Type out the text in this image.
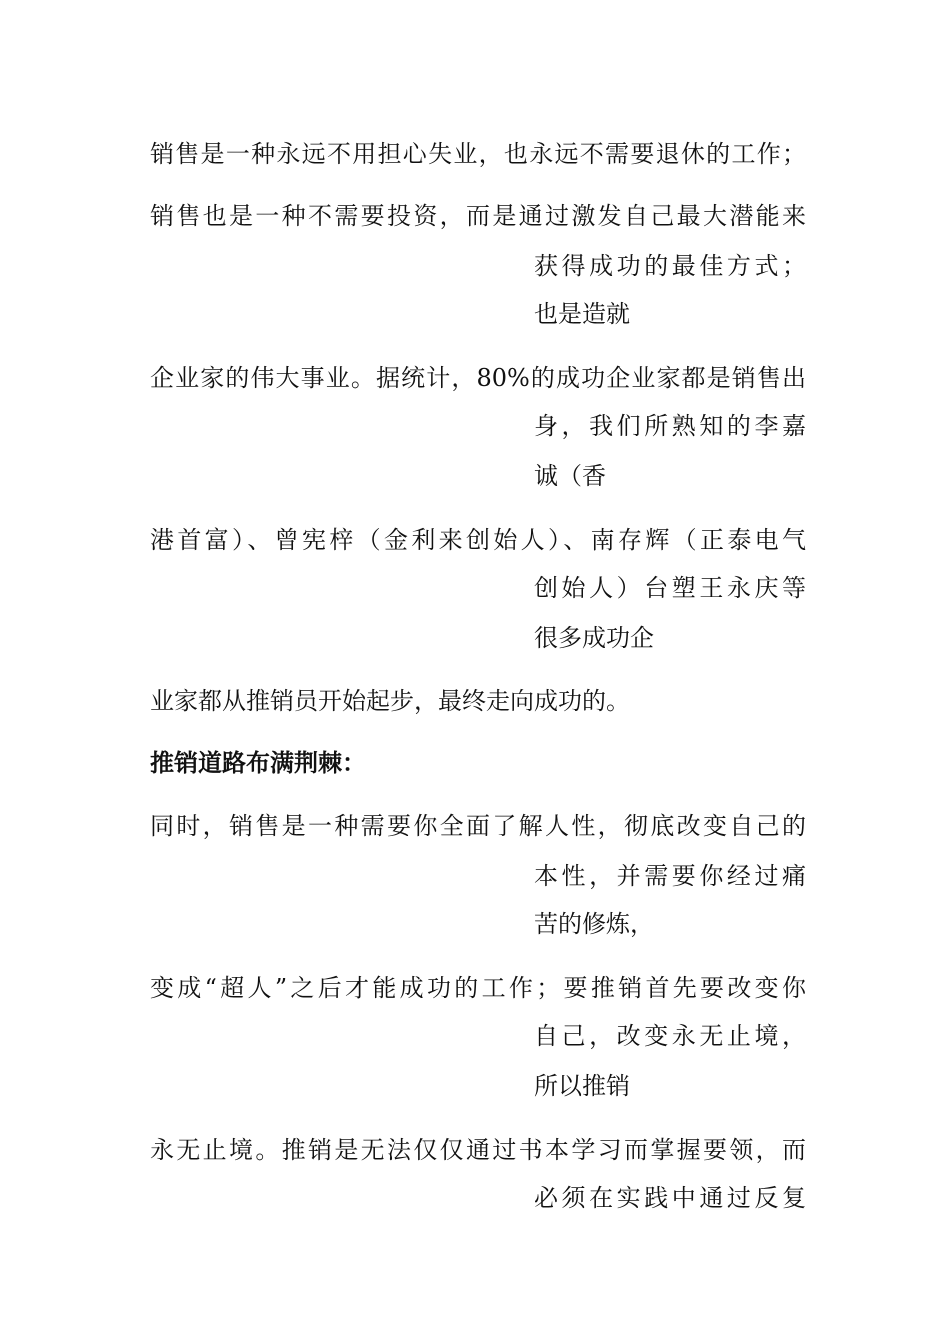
销售是一种永远不用担心失业，也永远不需要退休的工作；

销售也是一种不需要投资，而是通过激发自己最大潜能来

获得成功的最佳方式；

也是造就

企业家的伟大事业。据统计，80%的成功企业家都是销售出

身，我们所熟知的李嘉

诚（香

港首富）、曾宪梓（金利来创始人）、南存辉（正泰电气

创始人）台塑王永庆等

很多成功企

业家都从推销员开始起步，最终走向成功的。

推销道路布满荆棘：

同时，销售是一种需要你全面了解人性，彻底改变自己的

本性，并需要你经过痛

苦的修炼，

变成“超人”之后才能成功的工作；要推销首先要改变你

自己，改变永无止境，

所以推销

永无止境。推销是无法仅仅通过书本学习而掌握要领，而

必须在实践中通过反复
